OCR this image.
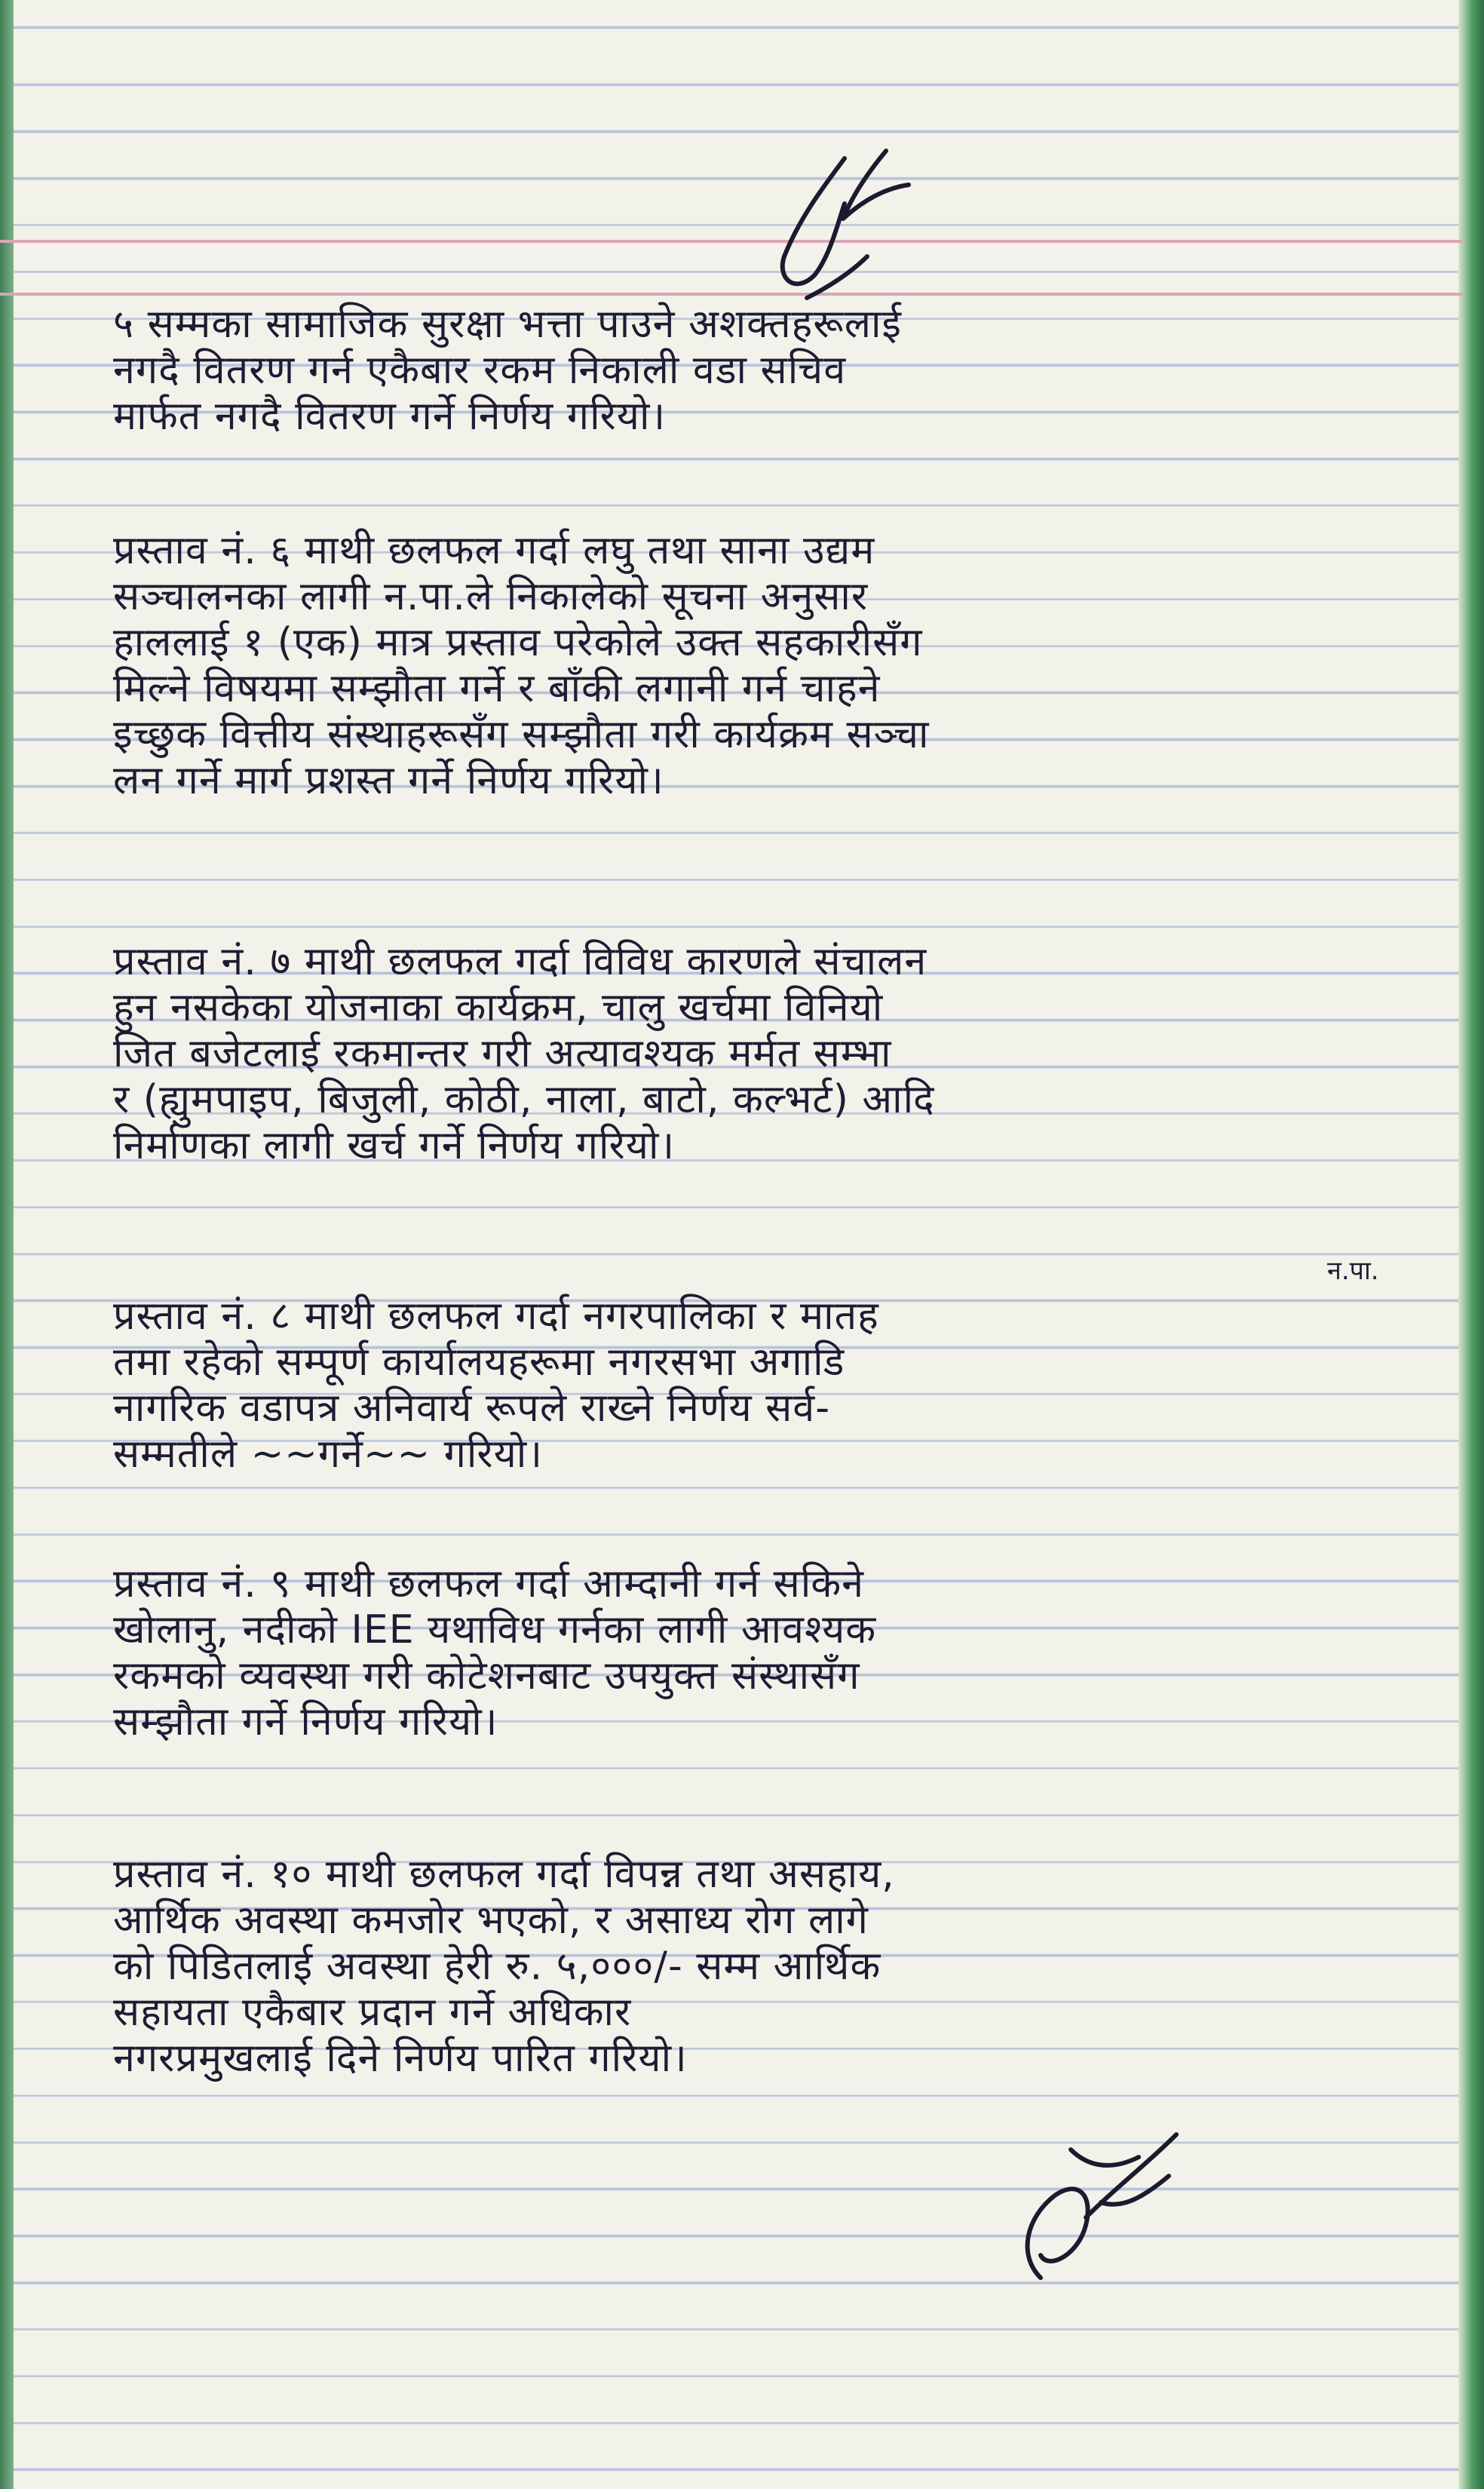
५ सम्मका सामाजिक सुरक्षा भत्ता पाउने अशक्तहरूलाई
नगदै वितरण गर्न एकैबार रकम निकाली वडा सचिव
मार्फत नगदै वितरण गर्ने निर्णय गरियो।
प्रस्ताव नं. ६ माथी छलफल गर्दा लघु तथा साना उद्यम
सञ्चालनका लागी न.पा.ले निकालेको सूचना अनुसार
हाललाई १ (एक) मात्र प्रस्ताव परेकोले उक्त सहकारीसँग
मिल्ने विषयमा सम्झौता गर्ने र बाँकी लगानी गर्न चाहने
इच्छुक वित्तीय संस्थाहरूसँग सम्झौता गरी कार्यक्रम सञ्चा
लन गर्ने मार्ग प्रशस्त गर्ने निर्णय गरियो।
प्रस्ताव नं. ७ माथी छलफल गर्दा विविध कारणले संचालन
हुन नसकेका योजनाका कार्यक्रम, चालु खर्चमा विनियो
जित बजेटलाई रकमान्तर गरी अत्यावश्यक मर्मत सम्भा
र (ह्युमपाइप, बिजुली, कोठी, नाला, बाटो, कल्भर्ट) आदि
निर्माणका लागी खर्च गर्ने निर्णय गरियो।
न.पा.
प्रस्ताव नं. ८ माथी छलफल गर्दा नगरपालिका र मातह
तमा रहेको सम्पूर्ण कार्यालयहरूमा नगरसभा अगाडि
नागरिक वडापत्र अनिवार्य रूपले राख्ने निर्णय सर्व-
सम्मतीले ~~गर्ने~~ गरियो।
प्रस्ताव नं. ९ माथी छलफल गर्दा आम्दानी गर्न सकिने
खोलानु, नदीको IEE यथाविध गर्नका लागी आवश्यक
रकमको व्यवस्था गरी कोटेशनबाट उपयुक्त संस्थासँग
सम्झौता गर्ने निर्णय गरियो।
प्रस्ताव नं. १० माथी छलफल गर्दा विपन्न तथा असहाय,
आर्थिक अवस्था कमजोर भएको, र असाध्य रोग लागे
को पिडितलाई अवस्था हेरी रु. ५,०००/- सम्म आर्थिक
सहायता एकैबार प्रदान गर्ने अधिकार
नगरप्रमुखलाई दिने निर्णय पारित गरियो।
